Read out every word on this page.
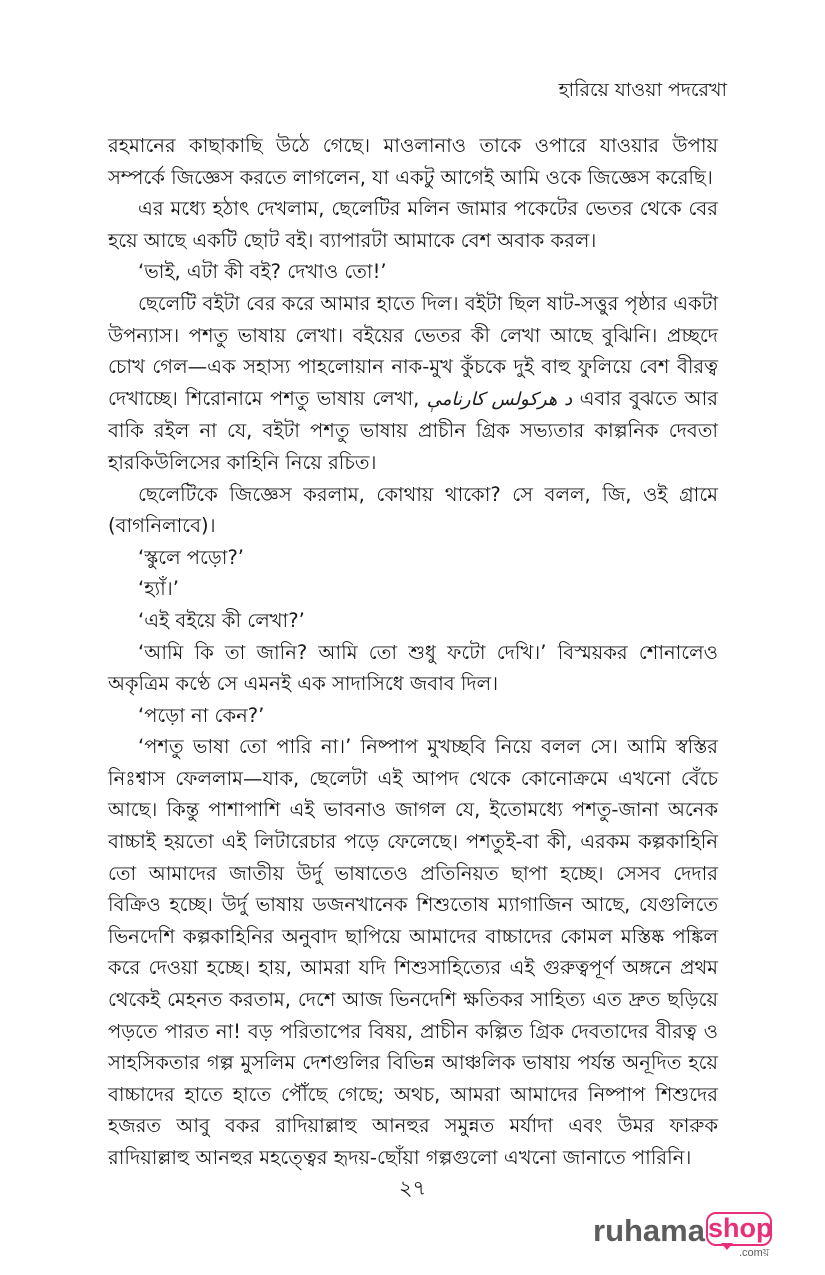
হারিয়ে যাওয়া পদরেখা

রহমানের কাছাকাছি উঠে গেছে। মাওলানাও তাকে ওপারে যাওয়ার উপায় সম্পর্কে জিজ্ঞেস করতে লাগলেন, যা একটু আগেই আমি ওকে জিজ্ঞেস করেছি।

এর মধ্যে হঠাৎ দেখলাম, ছেলেটির মলিন জামার পকেটের ভেতর থেকে বের হয়ে আছে একটি ছোট বই। ব্যাপারটা আমাকে বেশ অবাক করল।

‘ভাই, এটা কী বই? দেখাও তো!’

ছেলেটি বইটা বের করে আমার হাতে দিল। বইটা ছিল ষাট-সত্তুর পৃষ্ঠার একটা উপন্যাস। পশতু ভাষায় লেখা। বইয়ের ভেতর কী লেখা আছে বুঝিনি। প্রচ্ছদে চোখ গেল—এক সহাস্য পাহলোয়ান নাক-মুখ কুঁচকে দুই বাহু ফুলিয়ে বেশ বীরত্ব দেখাচ্ছে। শিরোনামে পশতু ভাষায় লেখা, د هرکولس کارنامې এবার বুঝতে আর বাকি রইল না যে, বইটা পশতু ভাষায় প্রাচীন গ্রিক সভ্যতার কাল্পনিক দেবতা হারকিউলিসের কাহিনি নিয়ে রচিত।

ছেলেটিকে জিজ্ঞেস করলাম, কোথায় থাকো? সে বলল, জি, ওই গ্রামে (বাগনিলাবে)।

‘স্কুলে পড়ো?’

‘হ্যাঁ।’

‘এই বইয়ে কী লেখা?’

‘আমি কি তা জানি? আমি তো শুধু ফটো দেখি।’ বিস্ময়কর শোনালেও অকৃত্রিম কণ্ঠে সে এমনই এক সাদাসিধে জবাব দিল।

‘পড়ো না কেন?’

‘পশতু ভাষা তো পারি না।’ নিষ্পাপ মুখচ্ছবি নিয়ে বলল সে। আমি স্বস্তির নিঃশ্বাস ফেললাম—যাক, ছেলেটা এই আপদ থেকে কোনোক্রমে এখনো বেঁচে আছে। কিন্তু পাশাপাশি এই ভাবনাও জাগল যে, ইতোমধ্যে পশতু-জানা অনেক বাচ্চাই হয়তো এই লিটারেচার পড়ে ফেলেছে। পশতুই-বা কী, এরকম কল্পকাহিনি তো আমাদের জাতীয় উর্দু ভাষাতেও প্রতিনিয়ত ছাপা হচ্ছে। সেসব দেদার বিক্রিও হচ্ছে। উর্দু ভাষায় ডজনখানেক শিশুতোষ ম্যাগাজিন আছে, যেগুলিতে ভিনদেশি কল্পকাহিনির অনুবাদ ছাপিয়ে আমাদের বাচ্চাদের কোমল মস্তিষ্ক পঙ্কিল করে দেওয়া হচ্ছে। হায়, আমরা যদি শিশুসাহিত্যের এই গুরুত্বপূর্ণ অঙ্গনে প্রথম থেকেই মেহনত করতাম, দেশে আজ ভিনদেশি ক্ষতিকর সাহিত্য এত দ্রুত ছড়িয়ে পড়তে পারত না! বড় পরিতাপের বিষয়, প্রাচীন কল্পিত গ্রিক দেবতাদের বীরত্ব ও সাহসিকতার গল্প মুসলিম দেশগুলির বিভিন্ন আঞ্চলিক ভাষায় পর্যন্ত অনূদিত হয়ে বাচ্চাদের হাতে হাতে পৌঁছে গেছে; অথচ, আমরা আমাদের নিষ্পাপ শিশুদের হজরত আবু বকর রাদিয়াল্লাহু আনহুর সমুন্নত মর্যাদা এবং উমর ফারুক রাদিয়াল্লাহু আনহুর মহত্ত্বের হৃদয়-ছোঁয়া গল্পগুলো এখনো জানাতে পারিনি।

২৭
ruhama shop
.comয়
